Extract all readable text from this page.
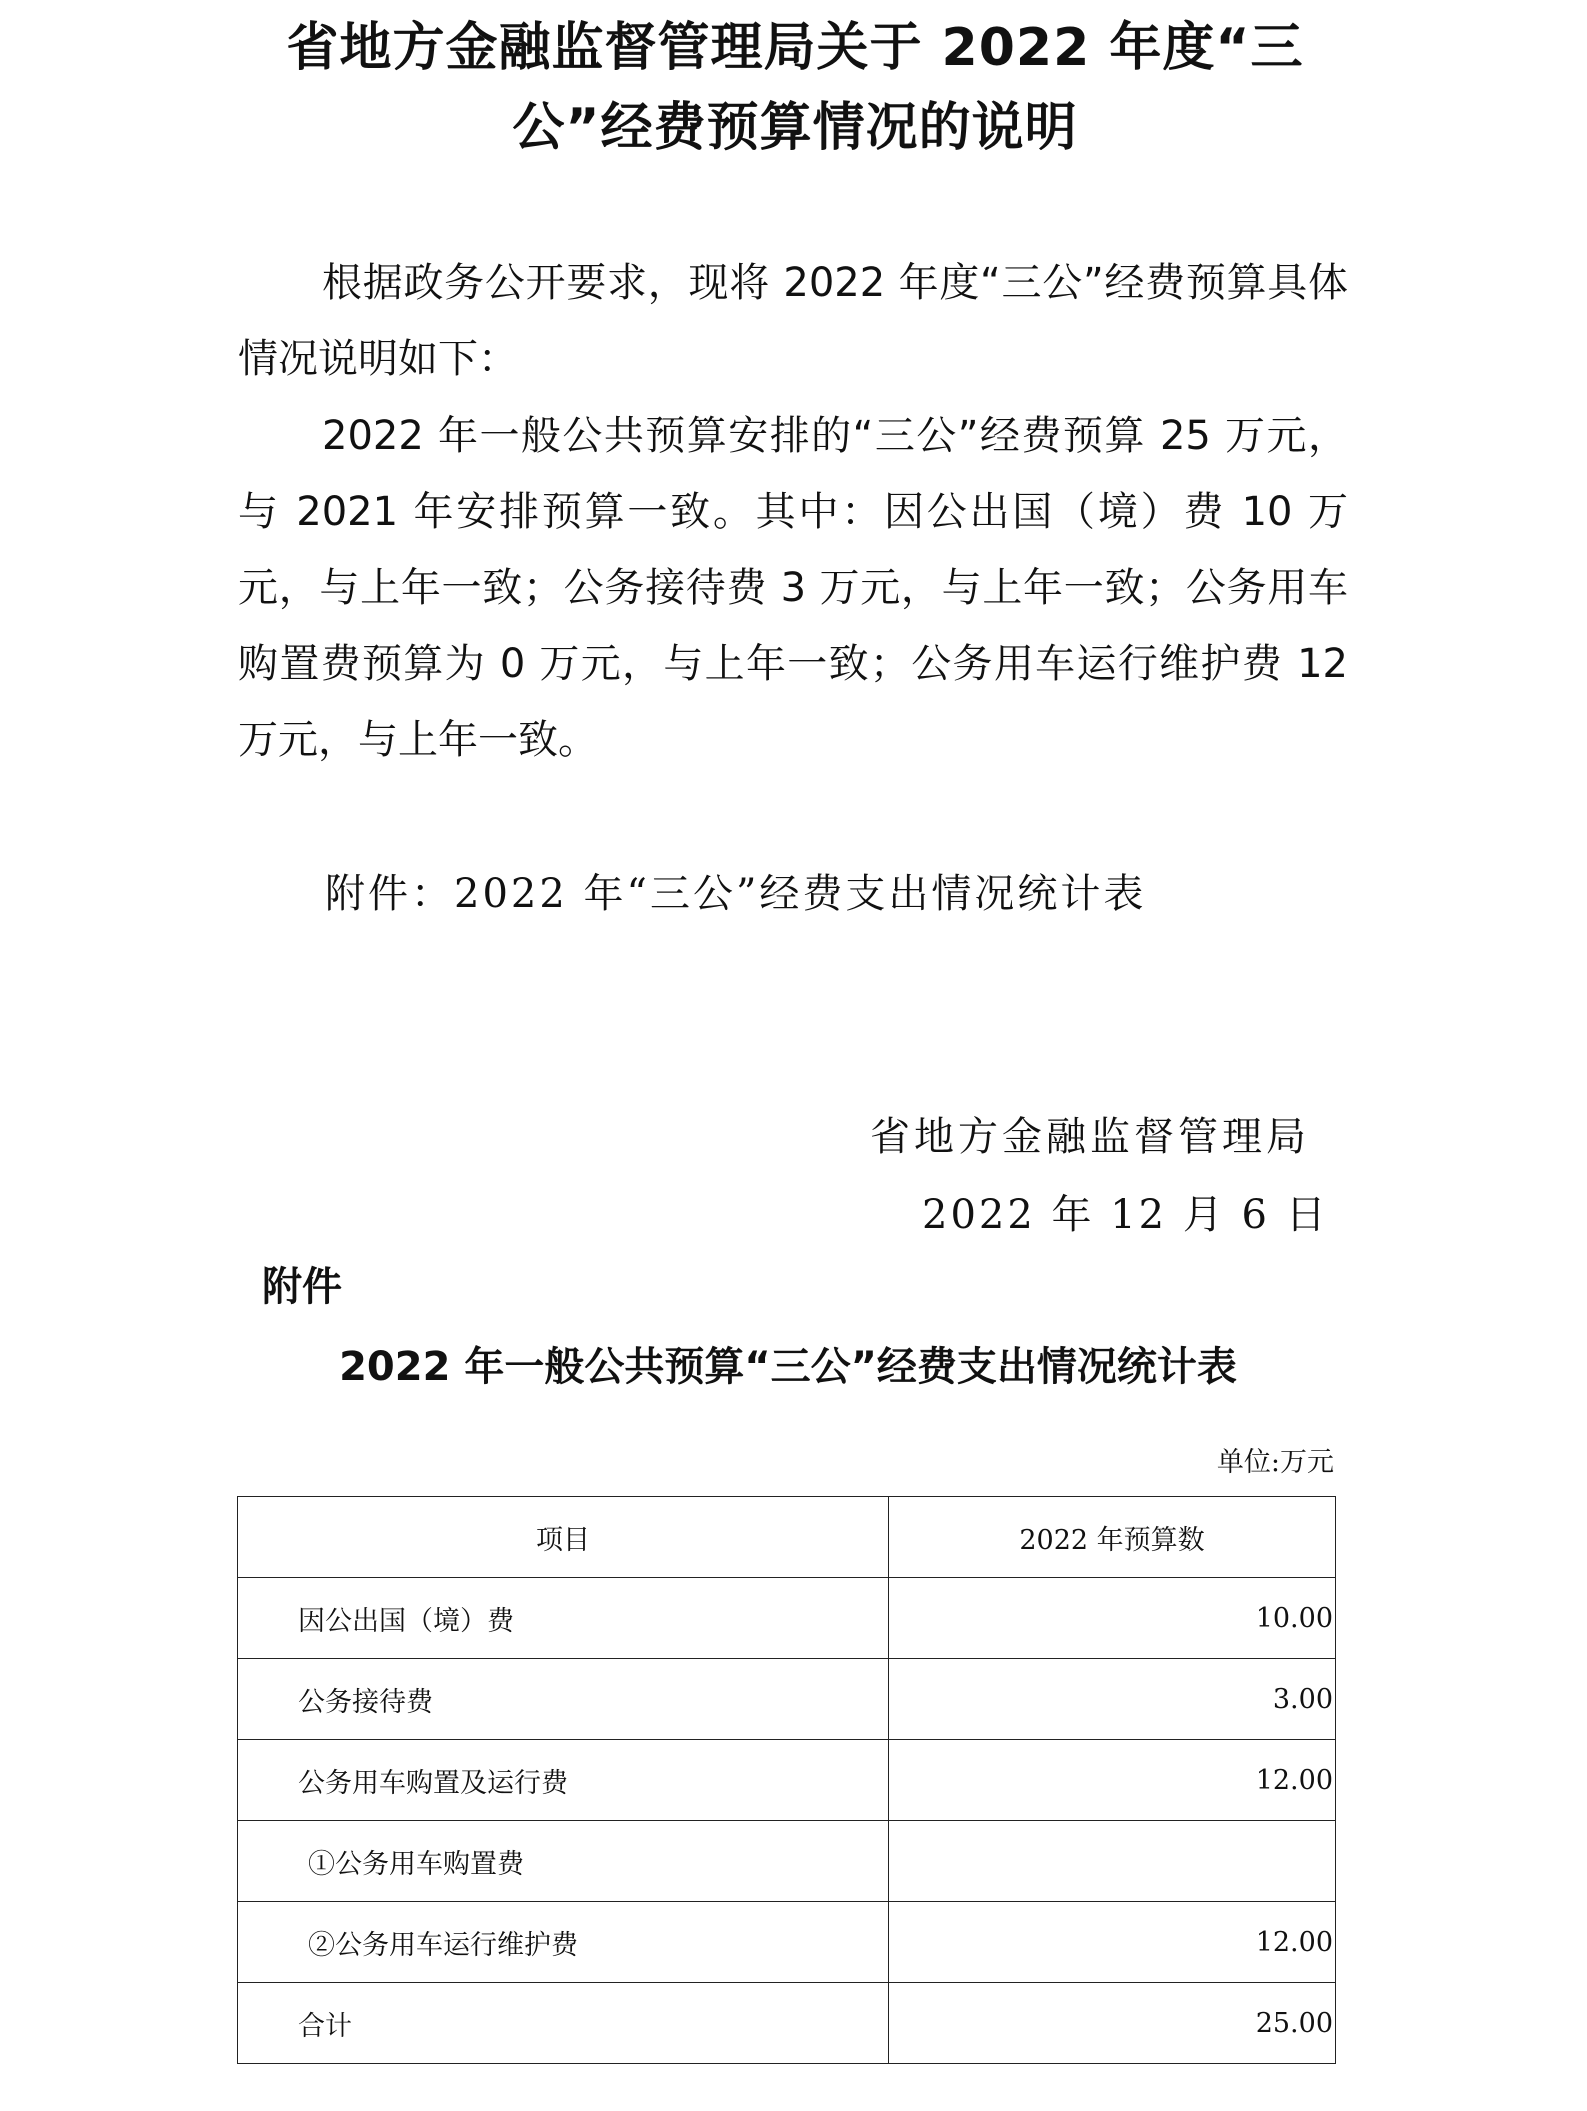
省地方金融监督管理局关于 2022 年度“三
公”经费预算情况的说明

根据政务公开要求，现将 2022 年度“三公”经费预算具体情况说明如下：

2022 年一般公共预算安排的“三公”经费预算 25 万元，与 2021 年安排预算一致。其中：因公出国（境）费 10 万元，与上年一致；公务接待费 3 万元，与上年一致；公务用车购置费预算为 0 万元，与上年一致；公务用车运行维护费 12 万元，与上年一致。

附件：2022 年“三公”经费支出情况统计表

省地方金融监督管理局

2022 年 12 月 6 日

附件

2022 年一般公共预算“三公”经费支出情况统计表

单位:万元

项目	2022 年预算数
因公出国（境）费	10.00
公务接待费	3.00
公务用车购置及运行费	12.00
①公务用车购置费	
②公务用车运行维护费	12.00
合计	25.00
